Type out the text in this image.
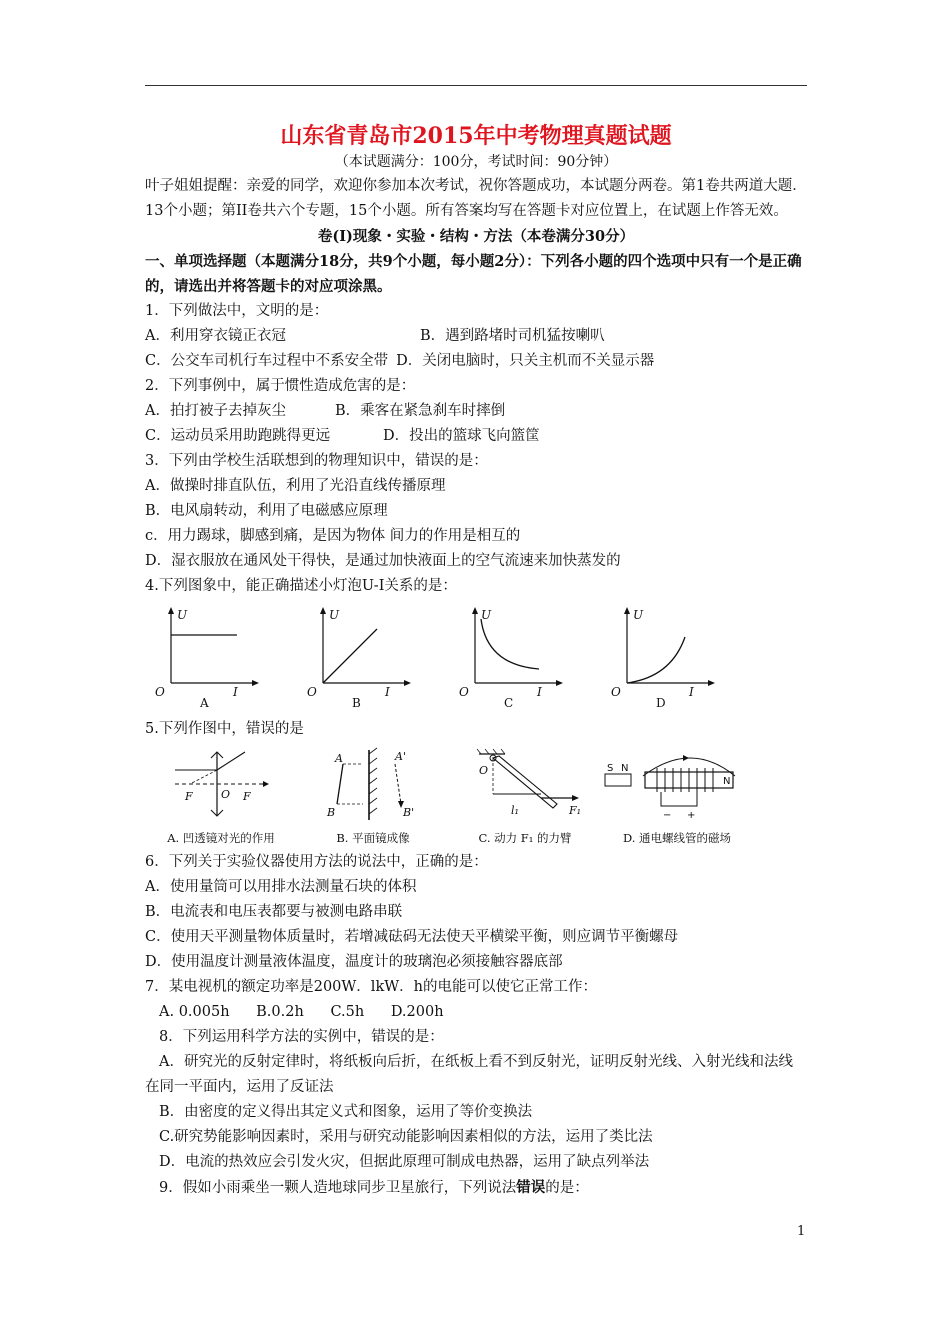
山东省青岛市2015年中考物理真题试题

（本试题满分：100分，考试时间：90分钟）

叶子姐姐提醒：亲爱的同学，欢迎你参加本次考试，祝你答题成功，本试题分两卷。第1卷共两道大题．13个小题；第II卷共六个专题，15个小题。所有答案均写在答题卡对应位置上，在试题上作答无效。

卷(I)现象・实验・结构・方法（本卷满分30分）

一、单项选择题（本题满分18分，共9个小题，每小题2分）：下列各小题的四个选项中只有一个是正确的，请选出并将答题卡的对应项涂黑。

1．下列做法中，文明的是：

A．利用穿衣镜正衣冠	B．遇到路堵时司机猛按喇叭
C．公交车司机行车过程中不系安全带 D．关闭电脑时，只关主机而不关显示器

2．下列事例中，属于惯性造成危害的是：

A．拍打被子去掉灰尘	B．乘客在紧急刹车时摔倒
C．运动员采用助跑跳得更远	D．投出的篮球飞向篮筐

3．下列由学校生活联想到的物理知识中，错误的是：

A．做操时排直队伍，利用了光沿直线传播原理

B．电风扇转动，利用了电磁感应原理

c．用力踢球，脚感到痛，是因为物体 间力的作用是相互的

D．湿衣服放在通风处干得快，是通过加快液面上的空气流速来加快蒸发的

4.下列图象中，能正确描述小灯泡U-I关系的是：

U
O	I
A
U
O	I
B
U
O	I
C
U
O	I
D

5.下列作图中，错误的是

F	O F
A. 凹透镜对光的作用
A	A'
B	B'
B. 平面镜成像
O
l₁	F₁
C. 动力 F₁ 的力臂
S N
N
− +
D. 通电螺线管的磁场

6．下列关于实验仪器使用方法的说法中，正确的是：

A．使用量筒可以用排水法测量石块的体积

B．电流表和电压表都要与被测电路串联

C．使用天平测量物体质量时，若增减砝码无法使天平横梁平衡，则应调节平衡螺母

D．使用温度计测量液体温度，温度计的玻璃泡必须接触容器底部

7．某电视机的额定功率是200W．lkW．h的电能可以使它正常工作：

A. 0.005h B.0.2h C.5h D.200h

8．下列运用科学方法的实例中，错误的是：

A．研究光的反射定律时，将纸板向后折，在纸板上看不到反射光，证明反射光线、入射光线和法线在同一平面内，运用了反证法

B．由密度的定义得出其定义式和图象，运用了等价变换法

C.研究势能影响因素时，采用与研究动能影响因素相似的方法，运用了类比法

D．电流的热效应会引发火灾，但据此原理可制成电热器，运用了缺点列举法

9．假如小雨乘坐一颗人造地球同步卫星旅行，下列说法错误的是：

1
